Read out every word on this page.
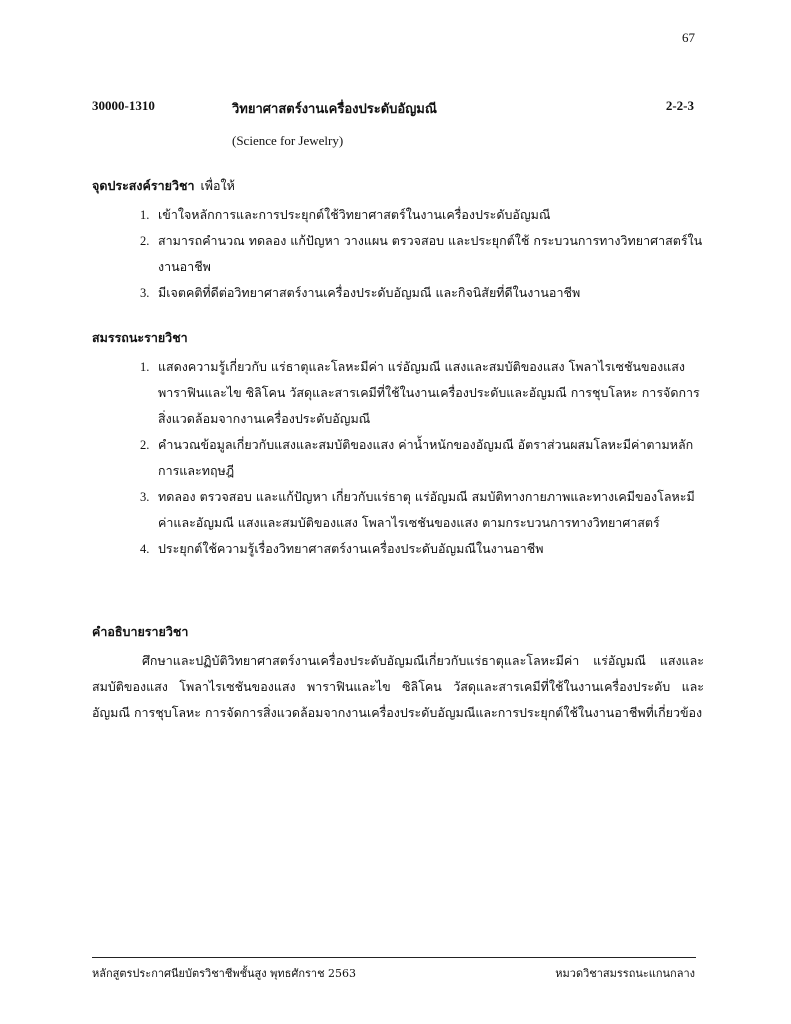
67
30000-1310	วิทยาศาสตร์งานเครื่องประดับอัญมณี	2-2-3
(Science for Jewelry)
จุดประสงค์รายวิชา เพื่อให้
1. เข้าใจหลักการและการประยุกต์ใช้วิทยาศาสตร์ในงานเครื่องประดับอัญมณี
2. สามารถคำนวณ ทดลอง แก้ปัญหา วางแผน ตรวจสอบ และประยุกต์ใช้ กระบวนการทางวิทยาศาสตร์ในงานอาชีพ
3. มีเจตคติที่ดีต่อวิทยาศาสตร์งานเครื่องประดับอัญมณี และกิจนิสัยที่ดีในงานอาชีพ
สมรรถนะรายวิชา
1. แสดงความรู้เกี่ยวกับ แร่ธาตุและโลหะมีค่า แร่อัญมณี แสงและสมบัติของแสง โพลาไรเซชันของแสง พาราฟินและไข ซิลิโคน วัสดุและสารเคมีที่ใช้ในงานเครื่องประดับและอัญมณี การชุบโลหะ การจัดการสิ่งแวดล้อมจากงานเครื่องประดับอัญมณี
2. คำนวณข้อมูลเกี่ยวกับแสงและสมบัติของแสง ค่าน้ำหนักของอัญมณี อัตราส่วนผสมโลหะมีค่าตามหลักการและทฤษฎี
3. ทดลอง ตรวจสอบ และแก้ปัญหา เกี่ยวกับแร่ธาตุ แร่อัญมณี สมบัติทางกายภาพและทางเคมีของโลหะมีค่าและอัญมณี แสงและสมบัติของแสง โพลาไรเซชันของแสง ตามกระบวนการทางวิทยาศาสตร์
4. ประยุกต์ใช้ความรู้เรื่องวิทยาศาสตร์งานเครื่องประดับอัญมณีในงานอาชีพ
คำอธิบายรายวิชา
ศึกษาและปฏิบัติวิทยาศาสตร์งานเครื่องประดับอัญมณีเกี่ยวกับแร่ธาตุและโลหะมีค่า แร่อัญมณี แสงและสมบัติของแสง โพลาไรเซชันของแสง พาราฟินและไข ซิลิโคน วัสดุและสารเคมีที่ใช้ในงานเครื่องประดับ และอัญมณี การชุบโลหะ การจัดการสิ่งแวดล้อมจากงานเครื่องประดับอัญมณีและการประยุกต์ใช้ในงานอาชีพที่เกี่ยวข้อง
หลักสูตรประกาศนียบัตรวิชาชีพชั้นสูง พุทธศักราช 2563	หมวดวิชาสมรรถนะแกนกลาง
